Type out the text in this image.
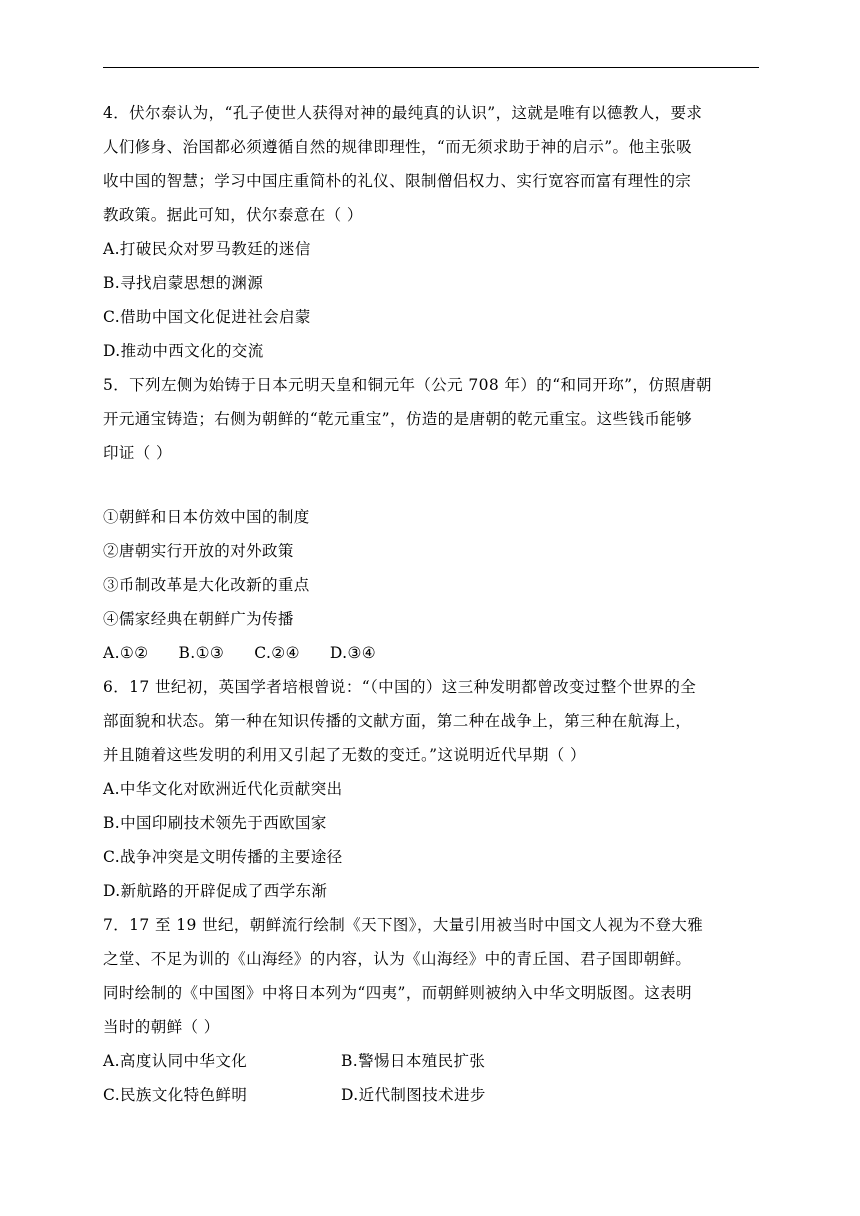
4．伏尔泰认为，“孔子使世人获得对神的最纯真的认识”，这就是唯有以德教人，要求
人们修身、治国都必须遵循自然的规律即理性，“而无须求助于神的启示”。他主张吸
收中国的智慧；学习中国庄重简朴的礼仪、限制僧侣权力、实行宽容而富有理性的宗
教政策。据此可知，伏尔泰意在（ ）
A.打破民众对罗马教廷的迷信
B.寻找启蒙思想的渊源
C.借助中国文化促进社会启蒙
D.推动中西文化的交流
5．下列左侧为始铸于日本元明天皇和铜元年（公元 708 年）的“和同开珎”，仿照唐朝
开元通宝铸造；右侧为朝鲜的“乾元重宝”，仿造的是唐朝的乾元重宝。这些钱币能够
印证（ ）
①朝鲜和日本仿效中国的制度
②唐朝实行开放的对外政策
③币制改革是大化改新的重点
④儒家经典在朝鲜广为传播
A.①② B.①③ C.②④ D.③④
6．17 世纪初，英国学者培根曾说：“（中国的）这三种发明都曾改变过整个世界的全
部面貌和状态。第一种在知识传播的文献方面，第二种在战争上，第三种在航海上，
并且随着这些发明的利用又引起了无数的变迁。”这说明近代早期（ ）
A.中华文化对欧洲近代化贡献突出
B.中国印刷技术领先于西欧国家
C.战争冲突是文明传播的主要途径
D.新航路的开辟促成了西学东渐
7．17 至 19 世纪，朝鲜流行绘制《天下图》，大量引用被当时中国文人视为不登大雅
之堂、不足为训的《山海经》的内容，认为《山海经》中的青丘国、君子国即朝鲜。
同时绘制的《中国图》中将日本列为“四夷”，而朝鲜则被纳入中华文明版图。这表明
当时的朝鲜（ ）
A.高度认同中华文化	B.警惕日本殖民扩张
C.民族文化特色鲜明	D.近代制图技术进步
